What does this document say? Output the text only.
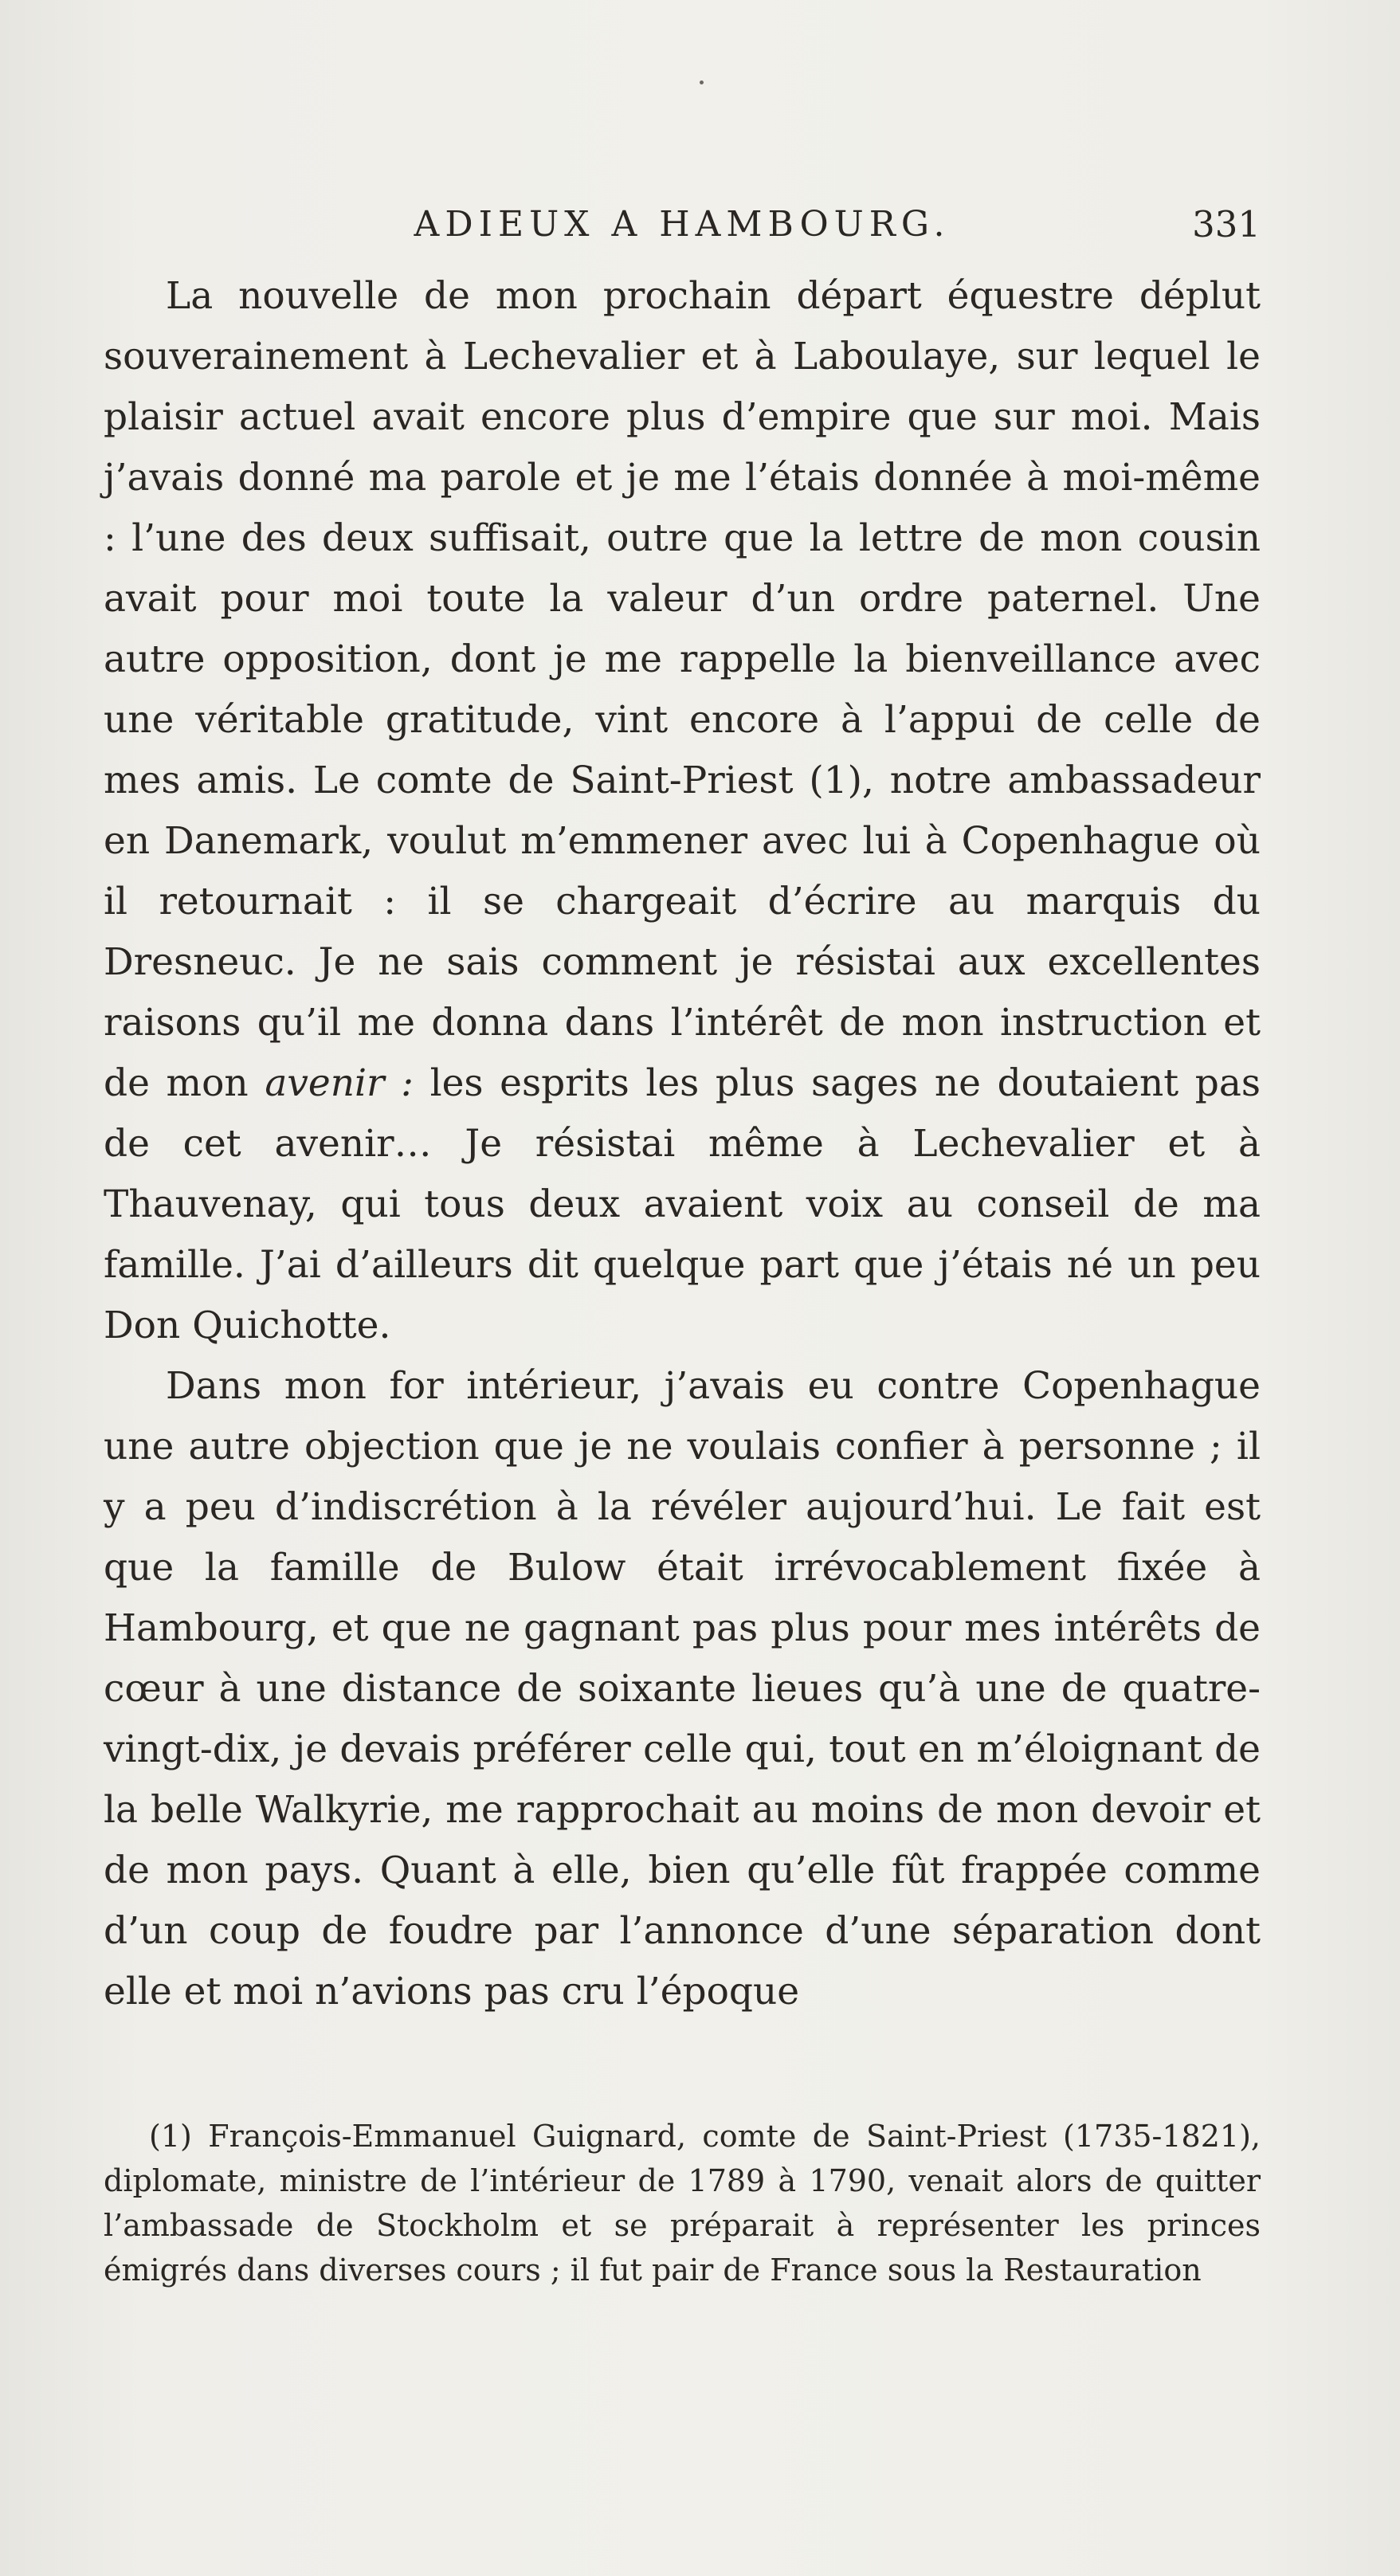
ADIEUX A HAMBOURG.	331

La nouvelle de mon prochain départ équestre déplut souverainement à Lechevalier et à Laboulaye, sur lequel le plaisir actuel avait encore plus d’empire que sur moi. Mais j’avais donné ma parole et je me l’étais donnée à moi-même : l’une des deux suffisait, outre que la lettre de mon cousin avait pour moi toute la valeur d’un ordre paternel. Une autre opposition, dont je me rappelle la bienveillance avec une véritable gratitude, vint encore à l’appui de celle de mes amis. Le comte de Saint-Priest (1), notre ambassadeur en Danemark, voulut m’emmener avec lui à Copenhague où il retournait : il se chargeait d’écrire au marquis du Dresneuc. Je ne sais comment je résistai aux excellentes raisons qu’il me donna dans l’intérêt de mon instruction et de mon avenir : les esprits les plus sages ne doutaient pas de cet avenir… Je résistai même à Lechevalier et à Thauvenay, qui tous deux avaient voix au conseil de ma famille. J’ai d’ailleurs dit quelque part que j’étais né un peu Don Quichotte.

Dans mon for intérieur, j’avais eu contre Copenhague une autre objection que je ne voulais confier à personne ; il y a peu d’indiscrétion à la révéler aujourd’hui. Le fait est que la famille de Bulow était irrévocablement fixée à Hambourg, et que ne gagnant pas plus pour mes intérêts de cœur à une distance de soixante lieues qu’à une de quatre-vingt-dix, je devais préférer celle qui, tout en m’éloignant de la belle Walkyrie, me rapprochait au moins de mon devoir et de mon pays. Quant à elle, bien qu’elle fût frappée comme d’un coup de foudre par l’annonce d’une séparation dont elle et moi n’avions pas cru l’époque

(1) François-Emmanuel Guignard, comte de Saint-Priest (1735-1821), diplomate, ministre de l’intérieur de 1789 à 1790, venait alors de quitter l’ambassade de Stockholm et se préparait à représenter les princes émigrés dans diverses cours ; il fut pair de France sous la Restauration
